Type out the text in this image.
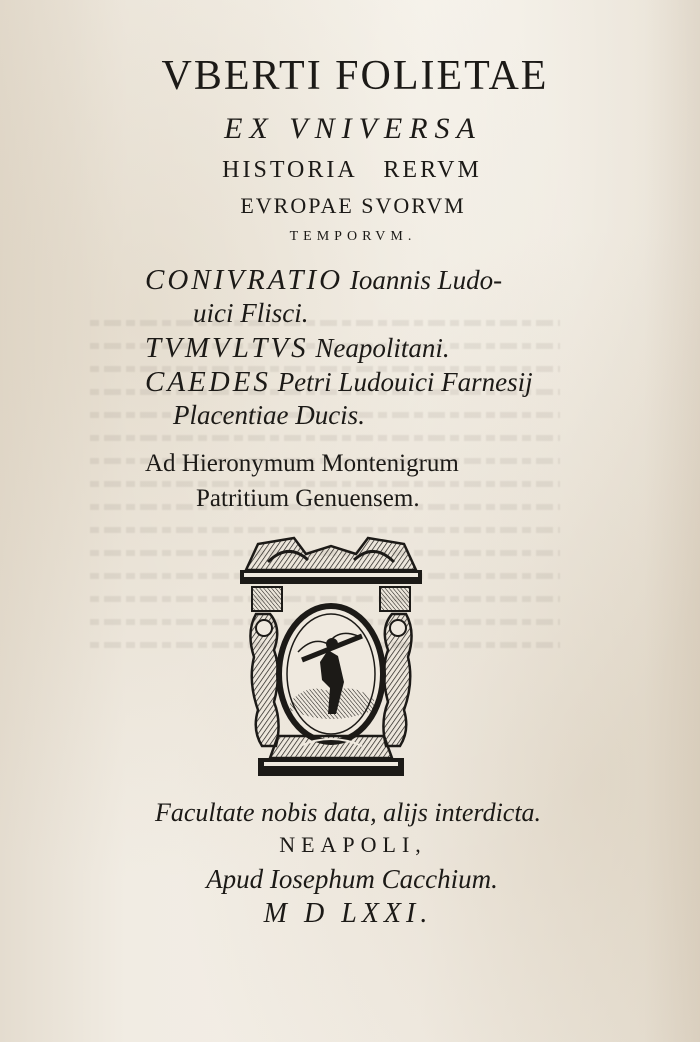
VBERTI FOLIETAE
EX VNIVERSA
HISTORIA RERVM
EVROPAE SVORVM
TEMPORVM.
CONIVRATIO Ioannis Ludo-
uici Flisci.
TVMVLTVS Neapolitani.
CAEDES Petri Ludouici Farnesij
Placentiae Ducis.
Ad Hieronymum Montenigrum
Patritium Genuensem.
Facultate nobis data, alijs interdicta.
NEAPOLI,
Apud Iosephum Cacchium.
M D LXXI.
